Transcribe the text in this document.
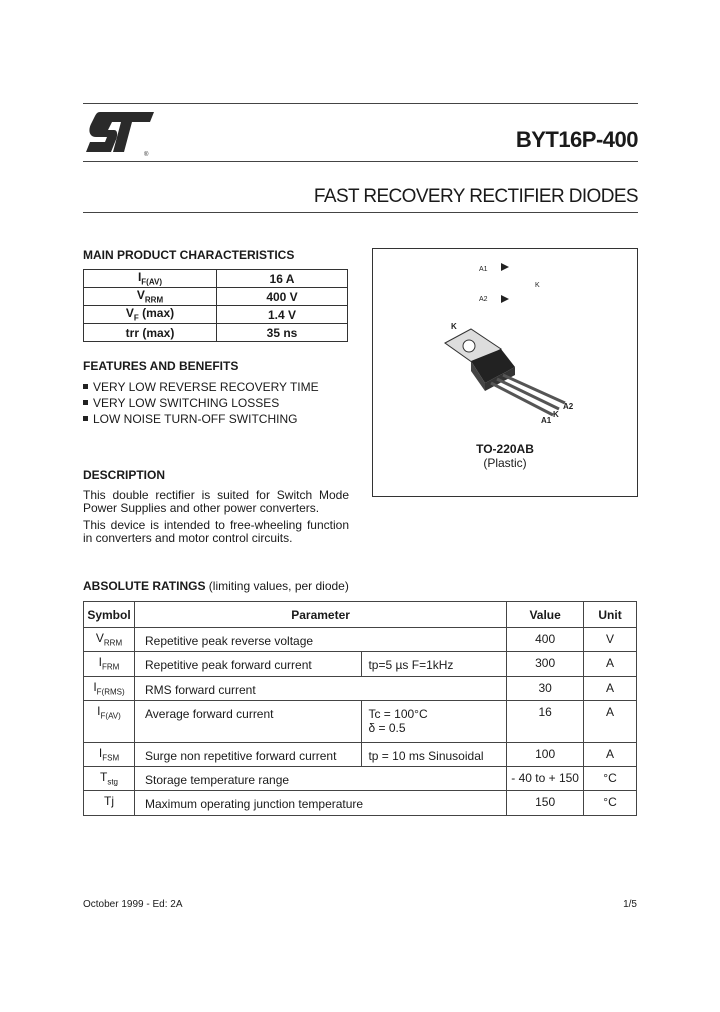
®
BYT16P-400
FAST RECOVERY RECTIFIER DIODES
MAIN PRODUCT CHARACTERISTICS
$I_{F(AV)}$	16 A
$V_{RRM}$	400 V
$V_F$ (max)	1.4 V
trr (max)	35 ns
FEATURES AND BENEFITS
VERY LOW REVERSE RECOVERY TIME
VERY LOW SWITCHING LOSSES
LOW NOISE TURN-OFF SWITCHING
DESCRIPTION
This double rectifier is suited for Switch Mode Power Supplies and other power converters.
This device is intended to free-wheeling function in converters and motor control circuits.
A1
K
A2
K
A2
K
A1
TO-220AB
(Plastic)
ABSOLUTE RATINGS (limiting values, per diode)
Symbol	Parameter		Value	Unit
$V_{RRM}$	Repetitive peak reverse voltage		400	V
$I_{FRM}$	Repetitive peak forward current	tp=5 µs F=1kHz	300	A
$I_{F(RMS)}$	RMS forward current		30	A
$I_{F(AV)}$	Average forward current	Tc = 100°C
δ = 0.5	16	A
$I_{FSM}$	Surge non repetitive forward current	tp = 10 ms Sinusoidal	100	A
$T_{stg}$	Storage temperature range		- 40 to + 150	°C
Tj	Maximum operating junction temperature		150	°C
October 1999 - Ed: 2A	1/5
